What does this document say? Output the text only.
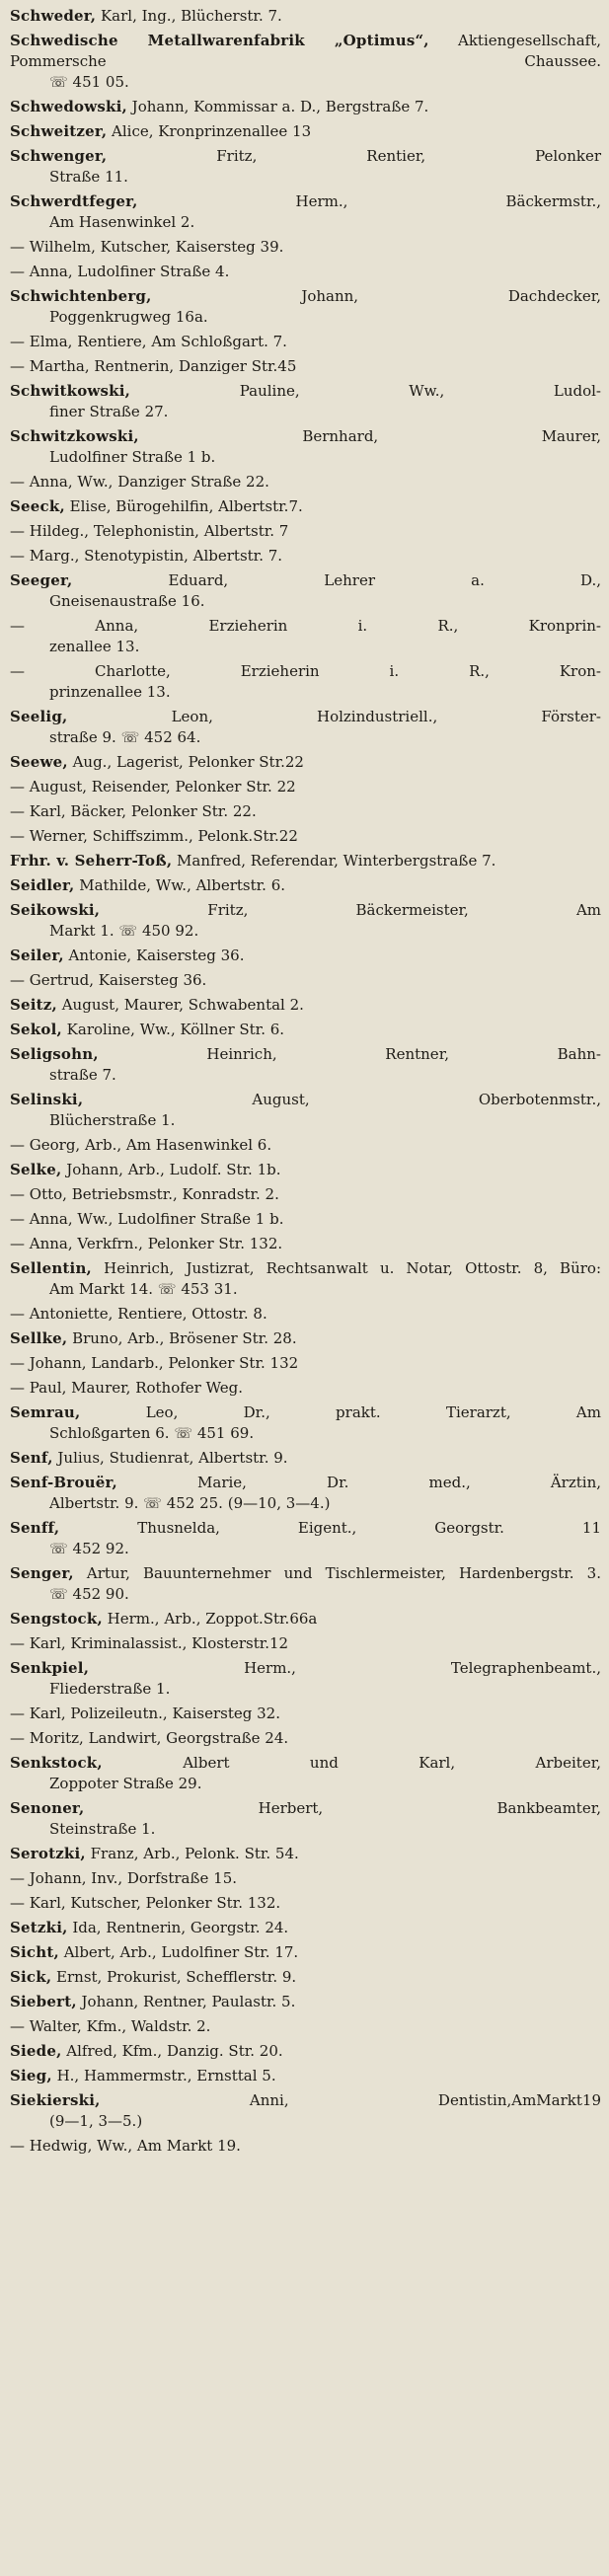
Schweder, Karl, Ing., Blücherstr. 7.
Schwedische Metallwarenfabrik „Optimus“, Aktiengesellschaft, Pommersche Chaussee.
☏ 451 05.
Schwedowski, Johann, Kommissar a. D., Bergstraße 7.
Schweitzer, Alice, Kronprinzenallee 13
Schwenger, Fritz, Rentier, Pelonker
Straße 11.
Schwerdtfeger, Herm., Bäckermstr.,
Am Hasenwinkel 2.
— Wilhelm, Kutscher, Kaisersteg 39.
— Anna, Ludolfiner Straße 4.
Schwichtenberg, Johann, Dachdecker,
Poggenkrugweg 16a.
— Elma, Rentiere, Am Schloßgart. 7.
— Martha, Rentnerin, Danziger Str.45
Schwitkowski, Pauline, Ww., Ludol-
finer Straße 27.
Schwitzkowski, Bernhard, Maurer,
Ludolfiner Straße 1 b.
— Anna, Ww., Danziger Straße 22.
Seeck, Elise, Bürogehilfin, Albertstr.7.
— Hildeg., Telephonistin, Albertstr. 7
— Marg., Stenotypistin, Albertstr. 7.
Seeger, Eduard, Lehrer a. D.,
Gneisenaustraße 16.
— Anna, Erzieherin i. R., Kronprin-
zenallee 13.
— Charlotte, Erzieherin i. R., Kron-
prinzenallee 13.
Seelig, Leon, Holzindustriell., Förster-
straße 9. ☏ 452 64.
Seewe, Aug., Lagerist, Pelonker Str.22
— August, Reisender, Pelonker Str. 22
— Karl, Bäcker, Pelonker Str. 22.
— Werner, Schiffszimm., Pelonk.Str.22
Frhr. v. Seherr-Toß, Manfred, Referendar, Winterbergstraße 7.
Seidler, Mathilde, Ww., Albertstr. 6.
Seikowski, Fritz, Bäckermeister, Am
Markt 1. ☏ 450 92.
Seiler, Antonie, Kaisersteg 36.
— Gertrud, Kaisersteg 36.
Seitz, August, Maurer, Schwabental 2.
Sekol, Karoline, Ww., Köllner Str. 6.
Seligsohn, Heinrich, Rentner, Bahn-
straße 7.
Selinski, August, Oberbotenmstr.,
Blücherstraße 1.
— Georg, Arb., Am Hasenwinkel 6.
Selke, Johann, Arb., Ludolf. Str. 1b.
— Otto, Betriebsmstr., Konradstr. 2.
— Anna, Ww., Ludolfiner Straße 1 b.
— Anna, Verkfrn., Pelonker Str. 132.
Sellentin, Heinrich, Justizrat, Rechtsanwalt u. Notar, Ottostr. 8, Büro:
Am Markt 14. ☏ 453 31.
— Antoniette, Rentiere, Ottostr. 8.
Sellke, Bruno, Arb., Brösener Str. 28.
— Johann, Landarb., Pelonker Str. 132
— Paul, Maurer, Rothofer Weg.
Semrau, Leo, Dr., prakt. Tierarzt, Am
Schloßgarten 6. ☏ 451 69.
Senf, Julius, Studienrat, Albertstr. 9.
Senf-Brouër, Marie, Dr. med., Ärztin,
Albertstr. 9. ☏ 452 25. (9—10, 3—4.)
Senff, Thusnelda, Eigent., Georgstr. 11
☏ 452 92.
Senger, Artur, Bauunternehmer und Tischlermeister, Hardenbergstr. 3.
☏ 452 90.
Sengstock, Herm., Arb., Zoppot.Str.66a
— Karl, Kriminalassist., Klosterstr.12
Senkpiel, Herm., Telegraphenbeamt.,
Fliederstraße 1.
— Karl, Polizeileutn., Kaisersteg 32.
— Moritz, Landwirt, Georgstraße 24.
Senkstock, Albert und Karl, Arbeiter,
Zoppoter Straße 29.
Senoner, Herbert, Bankbeamter,
Steinstraße 1.
Serotzki, Franz, Arb., Pelonk. Str. 54.
— Johann, Inv., Dorfstraße 15.
— Karl, Kutscher, Pelonker Str. 132.
Setzki, Ida, Rentnerin, Georgstr. 24.
Sicht, Albert, Arb., Ludolfiner Str. 17.
Sick, Ernst, Prokurist, Schefflerstr. 9.
Siebert, Johann, Rentner, Paulastr. 5.
— Walter, Kfm., Waldstr. 2.
Siede, Alfred, Kfm., Danzig. Str. 20.
Sieg, H., Hammermstr., Ernsttal 5.
Siekierski, Anni, Dentistin,AmMarkt19
(9—1, 3—5.)
— Hedwig, Ww., Am Markt 19.
